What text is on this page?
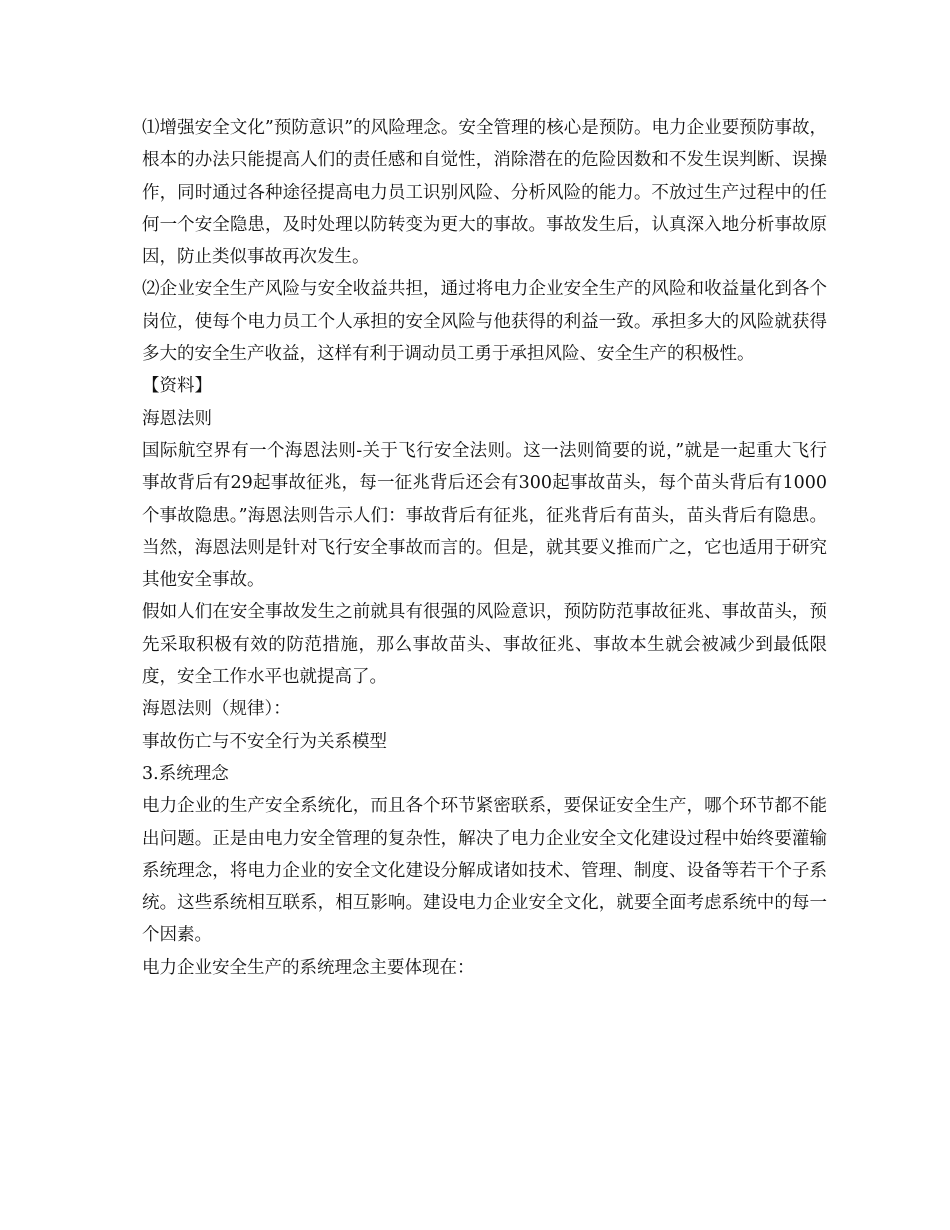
⑴增强安全文化”预防意识”的风险理念。安全管理的核心是预防。电力企业要预防事故，根本的办法只能提高人们的责任感和自觉性，消除潜在的危险因数和不发生误判断、误操作，同时通过各种途径提高电力员工识别风险、分析风险的能力。不放过生产过程中的任何一个安全隐患，及时处理以防转变为更大的事故。事故发生后，认真深入地分析事故原因，防止类似事故再次发生。

⑵企业安全生产风险与安全收益共担，通过将电力企业安全生产的风险和收益量化到各个岗位，使每个电力员工个人承担的安全风险与他获得的利益一致。承担多大的风险就获得多大的安全生产收益，这样有利于调动员工勇于承担风险、安全生产的积极性。

【资料】

海恩法则

国际航空界有一个海恩法则-关于飞行安全法则。这一法则简要的说，”就是一起重大飞行事故背后有29起事故征兆，每一征兆背后还会有300起事故苗头，每个苗头背后有1000个事故隐患。”海恩法则告示人们：事故背后有征兆，征兆背后有苗头，苗头背后有隐患。当然，海恩法则是针对飞行安全事故而言的。但是，就其要义推而广之，它也适用于研究其他安全事故。

假如人们在安全事故发生之前就具有很强的风险意识，预防防范事故征兆、事故苗头，预先采取积极有效的防范措施，那么事故苗头、事故征兆、事故本生就会被减少到最低限度，安全工作水平也就提高了。

海恩法则（规律）：

事故伤亡与不安全行为关系模型

3.系统理念

电力企业的生产安全系统化，而且各个环节紧密联系，要保证安全生产，哪个环节都不能出问题。正是由电力安全管理的复杂性，解决了电力企业安全文化建设过程中始终要灌输系统理念，将电力企业的安全文化建设分解成诸如技术、管理、制度、设备等若干个子系统。这些系统相互联系，相互影响。建设电力企业安全文化，就要全面考虑系统中的每一个因素。

电力企业安全生产的系统理念主要体现在：
